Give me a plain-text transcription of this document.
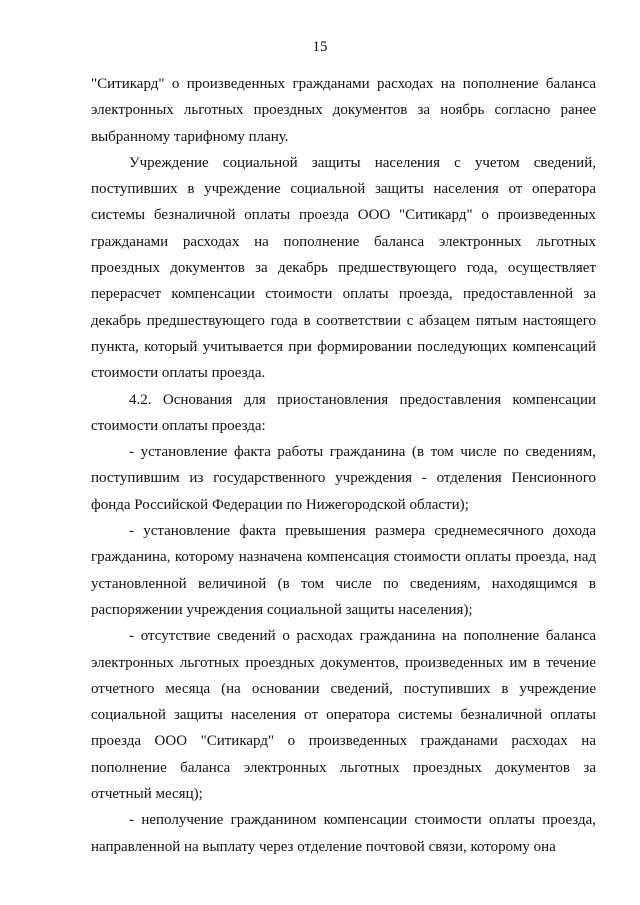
15

"Ситикард" о произведенных гражданами расходах на пополнение баланса электронных льготных проездных документов за ноябрь согласно ранее выбранному тарифному плану.

Учреждение социальной защиты населения с учетом сведений, поступивших в учреждение социальной защиты населения от оператора системы безналичной оплаты проезда ООО "Ситикард" о произведенных гражданами расходах на пополнение баланса электронных льготных проездных документов за декабрь предшествующего года, осуществляет перерасчет компенсации стоимости оплаты проезда, предоставленной за декабрь предшествующего года в соответствии с абзацем пятым настоящего пункта, который учитывается при формировании последующих компенсаций стоимости оплаты проезда.

4.2. Основания для приостановления предоставления компенсации стоимости оплаты проезда:

- установление факта работы гражданина (в том числе по сведениям, поступившим из государственного учреждения - отделения Пенсионного фонда Российской Федерации по Нижегородской области);

- установление факта превышения размера среднемесячного дохода гражданина, которому назначена компенсация стоимости оплаты проезда, над установленной величиной (в том числе по сведениям, находящимся в распоряжении учреждения социальной защиты населения);

- отсутствие сведений о расходах гражданина на пополнение баланса электронных льготных проездных документов, произведенных им в течение отчетного месяца (на основании сведений, поступивших в учреждение социальной защиты населения от оператора системы безналичной оплаты проезда ООО "Ситикард" о произведенных гражданами расходах на пополнение баланса электронных льготных проездных документов за отчетный месяц);

- неполучение гражданином компенсации стоимости оплаты проезда, направленной на выплату через отделение почтовой связи, которому она
